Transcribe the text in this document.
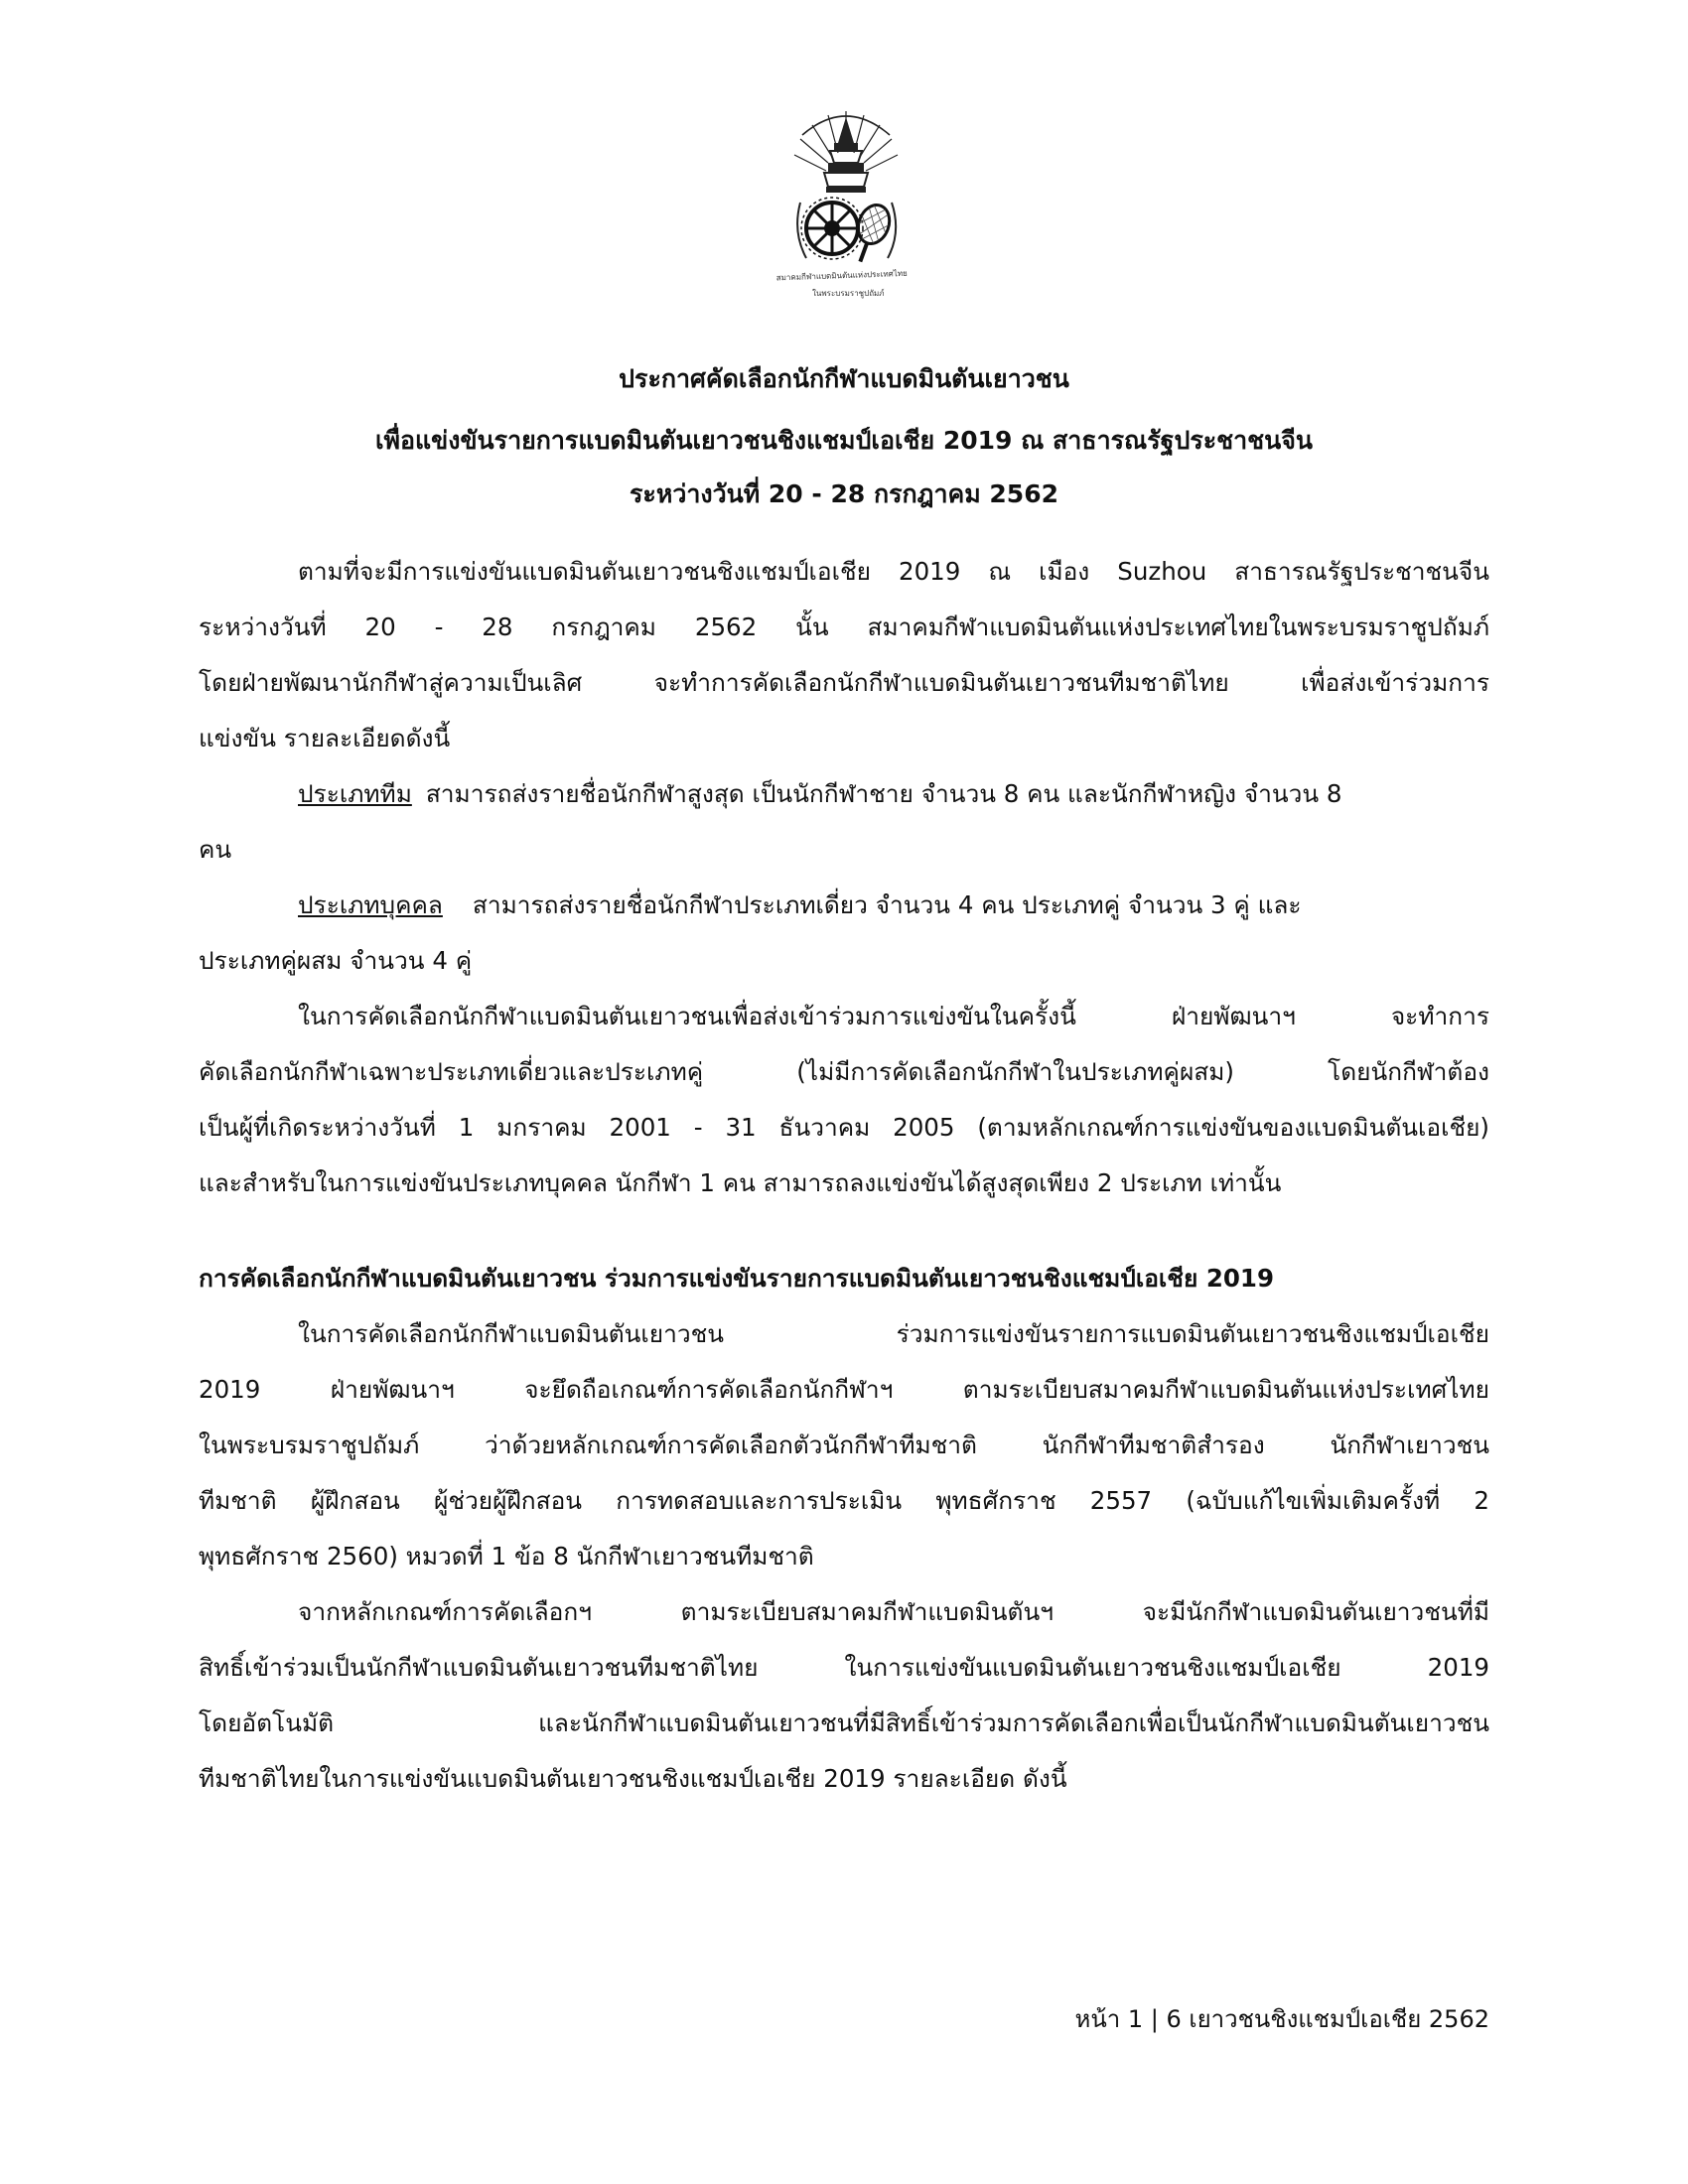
สมาคมกีฬาแบดมินตันแห่งประเทศไทย
ในพระบรมราชูปถัมภ์
ประกาศคัดเลือกนักกีฬาแบดมินตันเยาวชน
เพื่อแข่งขันรายการแบดมินตันเยาวชนชิงแชมป์เอเชีย 2019 ณ สาธารณรัฐประชาชนจีน
ระหว่างวันที่ 20 - 28 กรกฎาคม 2562
ตามที่จะมีการแข่งขันแบดมินตันเยาวชนชิงแชมป์เอเชีย 2019 ณ เมือง Suzhou สาธารณรัฐประชาชนจีน
ระหว่างวันที่ 20 - 28 กรกฎาคม 2562 นั้น สมาคมกีฬาแบดมินตันแห่งประเทศไทยในพระบรมราชูปถัมภ์
โดยฝ่ายพัฒนานักกีฬาสู่ความเป็นเลิศ จะทำการคัดเลือกนักกีฬาแบดมินตันเยาวชนทีมชาติไทย เพื่อส่งเข้าร่วมการ
แข่งขัน รายละเอียดดังนี้
ประเภททีม สามารถส่งรายชื่อนักกีฬาสูงสุด เป็นนักกีฬาชาย จำนวน 8 คน และนักกีฬาหญิง จำนวน 8
คน
ประเภทบุคคล สามารถส่งรายชื่อนักกีฬาประเภทเดี่ยว จำนวน 4 คน ประเภทคู่ จำนวน 3 คู่ และ
ประเภทคู่ผสม จำนวน 4 คู่
ในการคัดเลือกนักกีฬาแบดมินตันเยาวชนเพื่อส่งเข้าร่วมการแข่งขันในครั้งนี้ ฝ่ายพัฒนาฯ จะทำการ
คัดเลือกนักกีฬาเฉพาะประเภทเดี่ยวและประเภทคู่ (ไม่มีการคัดเลือกนักกีฬาในประเภทคู่ผสม) โดยนักกีฬาต้อง
เป็นผู้ที่เกิดระหว่างวันที่ 1 มกราคม 2001 - 31 ธันวาคม 2005 (ตามหลักเกณฑ์การแข่งขันของแบดมินตันเอเชีย)
และสำหรับในการแข่งขันประเภทบุคคล นักกีฬา 1 คน สามารถลงแข่งขันได้สูงสุดเพียง 2 ประเภท เท่านั้น
การคัดเลือกนักกีฬาแบดมินตันเยาวชน ร่วมการแข่งขันรายการแบดมินตันเยาวชนชิงแชมป์เอเชีย 2019
ในการคัดเลือกนักกีฬาแบดมินตันเยาวชน ร่วมการแข่งขันรายการแบดมินตันเยาวชนชิงแชมป์เอเชีย
2019 ฝ่ายพัฒนาฯ จะยึดถือเกณฑ์การคัดเลือกนักกีฬาฯ ตามระเบียบสมาคมกีฬาแบดมินตันแห่งประเทศไทย
ในพระบรมราชูปถัมภ์ ว่าด้วยหลักเกณฑ์การคัดเลือกตัวนักกีฬาทีมชาติ นักกีฬาทีมชาติสำรอง นักกีฬาเยาวชน
ทีมชาติ ผู้ฝึกสอน ผู้ช่วยผู้ฝึกสอน การทดสอบและการประเมิน พุทธศักราช 2557 (ฉบับแก้ไขเพิ่มเติมครั้งที่ 2
พุทธศักราช 2560) หมวดที่ 1 ข้อ 8 นักกีฬาเยาวชนทีมชาติ
จากหลักเกณฑ์การคัดเลือกฯ ตามระเบียบสมาคมกีฬาแบดมินตันฯ จะมีนักกีฬาแบดมินตันเยาวชนที่มี
สิทธิ์เข้าร่วมเป็นนักกีฬาแบดมินตันเยาวชนทีมชาติไทย ในการแข่งขันแบดมินตันเยาวชนชิงแชมป์เอเชีย 2019
โดยอัตโนมัติ และนักกีฬาแบดมินตันเยาวชนที่มีสิทธิ์เข้าร่วมการคัดเลือกเพื่อเป็นนักกีฬาแบดมินตันเยาวชน
ทีมชาติไทยในการแข่งขันแบดมินตันเยาวชนชิงแชมป์เอเชีย 2019 รายละเอียด ดังนี้
หน้า 1 | 6 เยาวชนชิงแชมป์เอเชีย 2562
